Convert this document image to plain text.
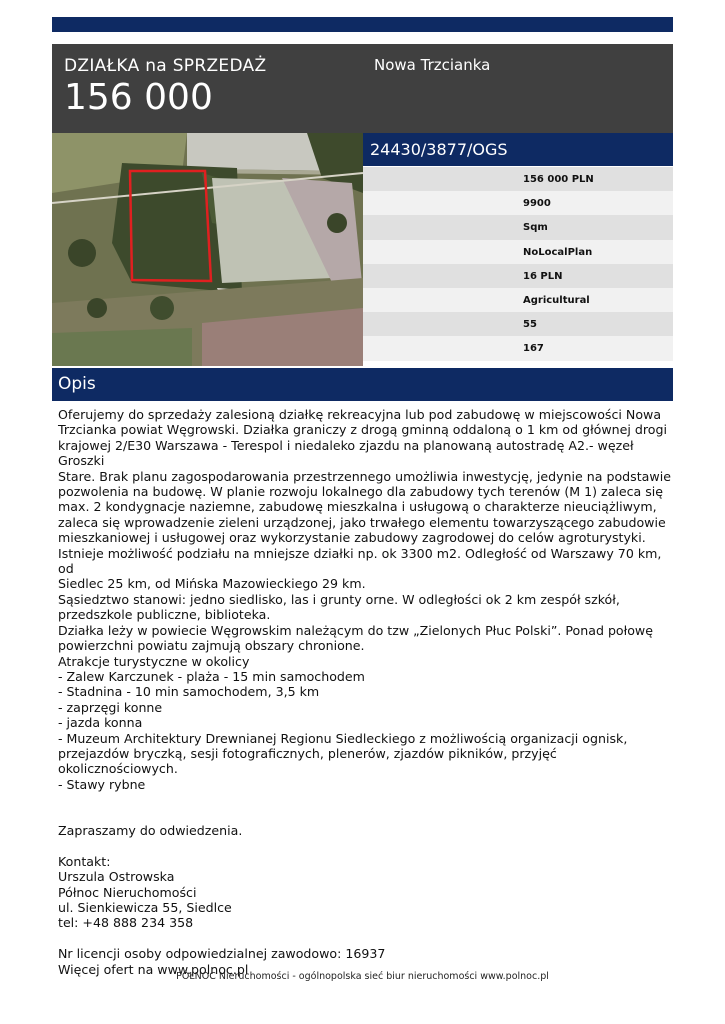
DZIAŁKA na SPRZEDAŻ
156 000
Nowa Trzcianka
24430/3877/OGS
156 000 PLN
9900
Sqm
NoLocalPlan
16 PLN
Agricultural
55
167
Opis
Oferujemy do sprzedaży zalesioną działkę rekreacyjna lub pod zabudowę w miejscowości Nowa
Trzcianka powiat Węgrowski. Działka graniczy z drogą gminną oddaloną o 1 km od głównej drogi
krajowej 2/E30 Warszawa - Terespol i niedaleko zjazdu na planowaną autostradę A2.- węzeł Groszki
Stare. Brak planu zagospodarowania przestrzennego umożliwia inwestycję, jedynie na podstawie
pozwolenia na budowę. W planie rozwoju lokalnego dla zabudowy tych terenów (M 1) zaleca się
max. 2 kondygnacje naziemne, zabudowę mieszkalna i usługową o charakterze nieuciążliwym,
zaleca się wprowadzenie zieleni urządzonej, jako trwałego elementu towarzyszącego zabudowie
mieszkaniowej i usługowej oraz wykorzystanie zabudowy zagrodowej do celów agroturystyki.
Istnieje możliwość podziału na mniejsze działki np. ok 3300 m2. Odległość od Warszawy 70 km, od
Siedlec 25 km, od Mińska Mazowieckiego 29 km.
Sąsiedztwo stanowi: jedno siedlisko, las i grunty orne. W odległości ok 2 km zespół szkół,
przedszkole publiczne, biblioteka.
Działka leży w powiecie Węgrowskim należącym do tzw „Zielonych Płuc Polski”. Ponad połowę
powierzchni powiatu zajmują obszary chronione.
Atrakcje turystyczne w okolicy
- Zalew Karczunek - plaża - 15 min samochodem
- Stadnina - 10 min samochodem, 3,5 km
- zaprzęgi konne
- jazda konna
- Muzeum Architektury Drewnianej Regionu Siedleckiego z możliwością organizacji ognisk,
przejazdów bryczką, sesji fotograficznych, plenerów, zjazdów pikników, przyjęć okolicznościowych.
- Stawy rybne

Zapraszamy do odwiedzenia.

Kontakt:
Urszula Ostrowska
Północ Nieruchomości
ul. Sienkiewicza 55, Siedlce
tel: +48 888 234 358

Nr licencji osoby odpowiedzialnej zawodowo: 16937
Więcej ofert na www.polnoc.pl
PÓŁNOC Nieruchomości - ogólnopolska sieć biur nieruchomości www.polnoc.pl
